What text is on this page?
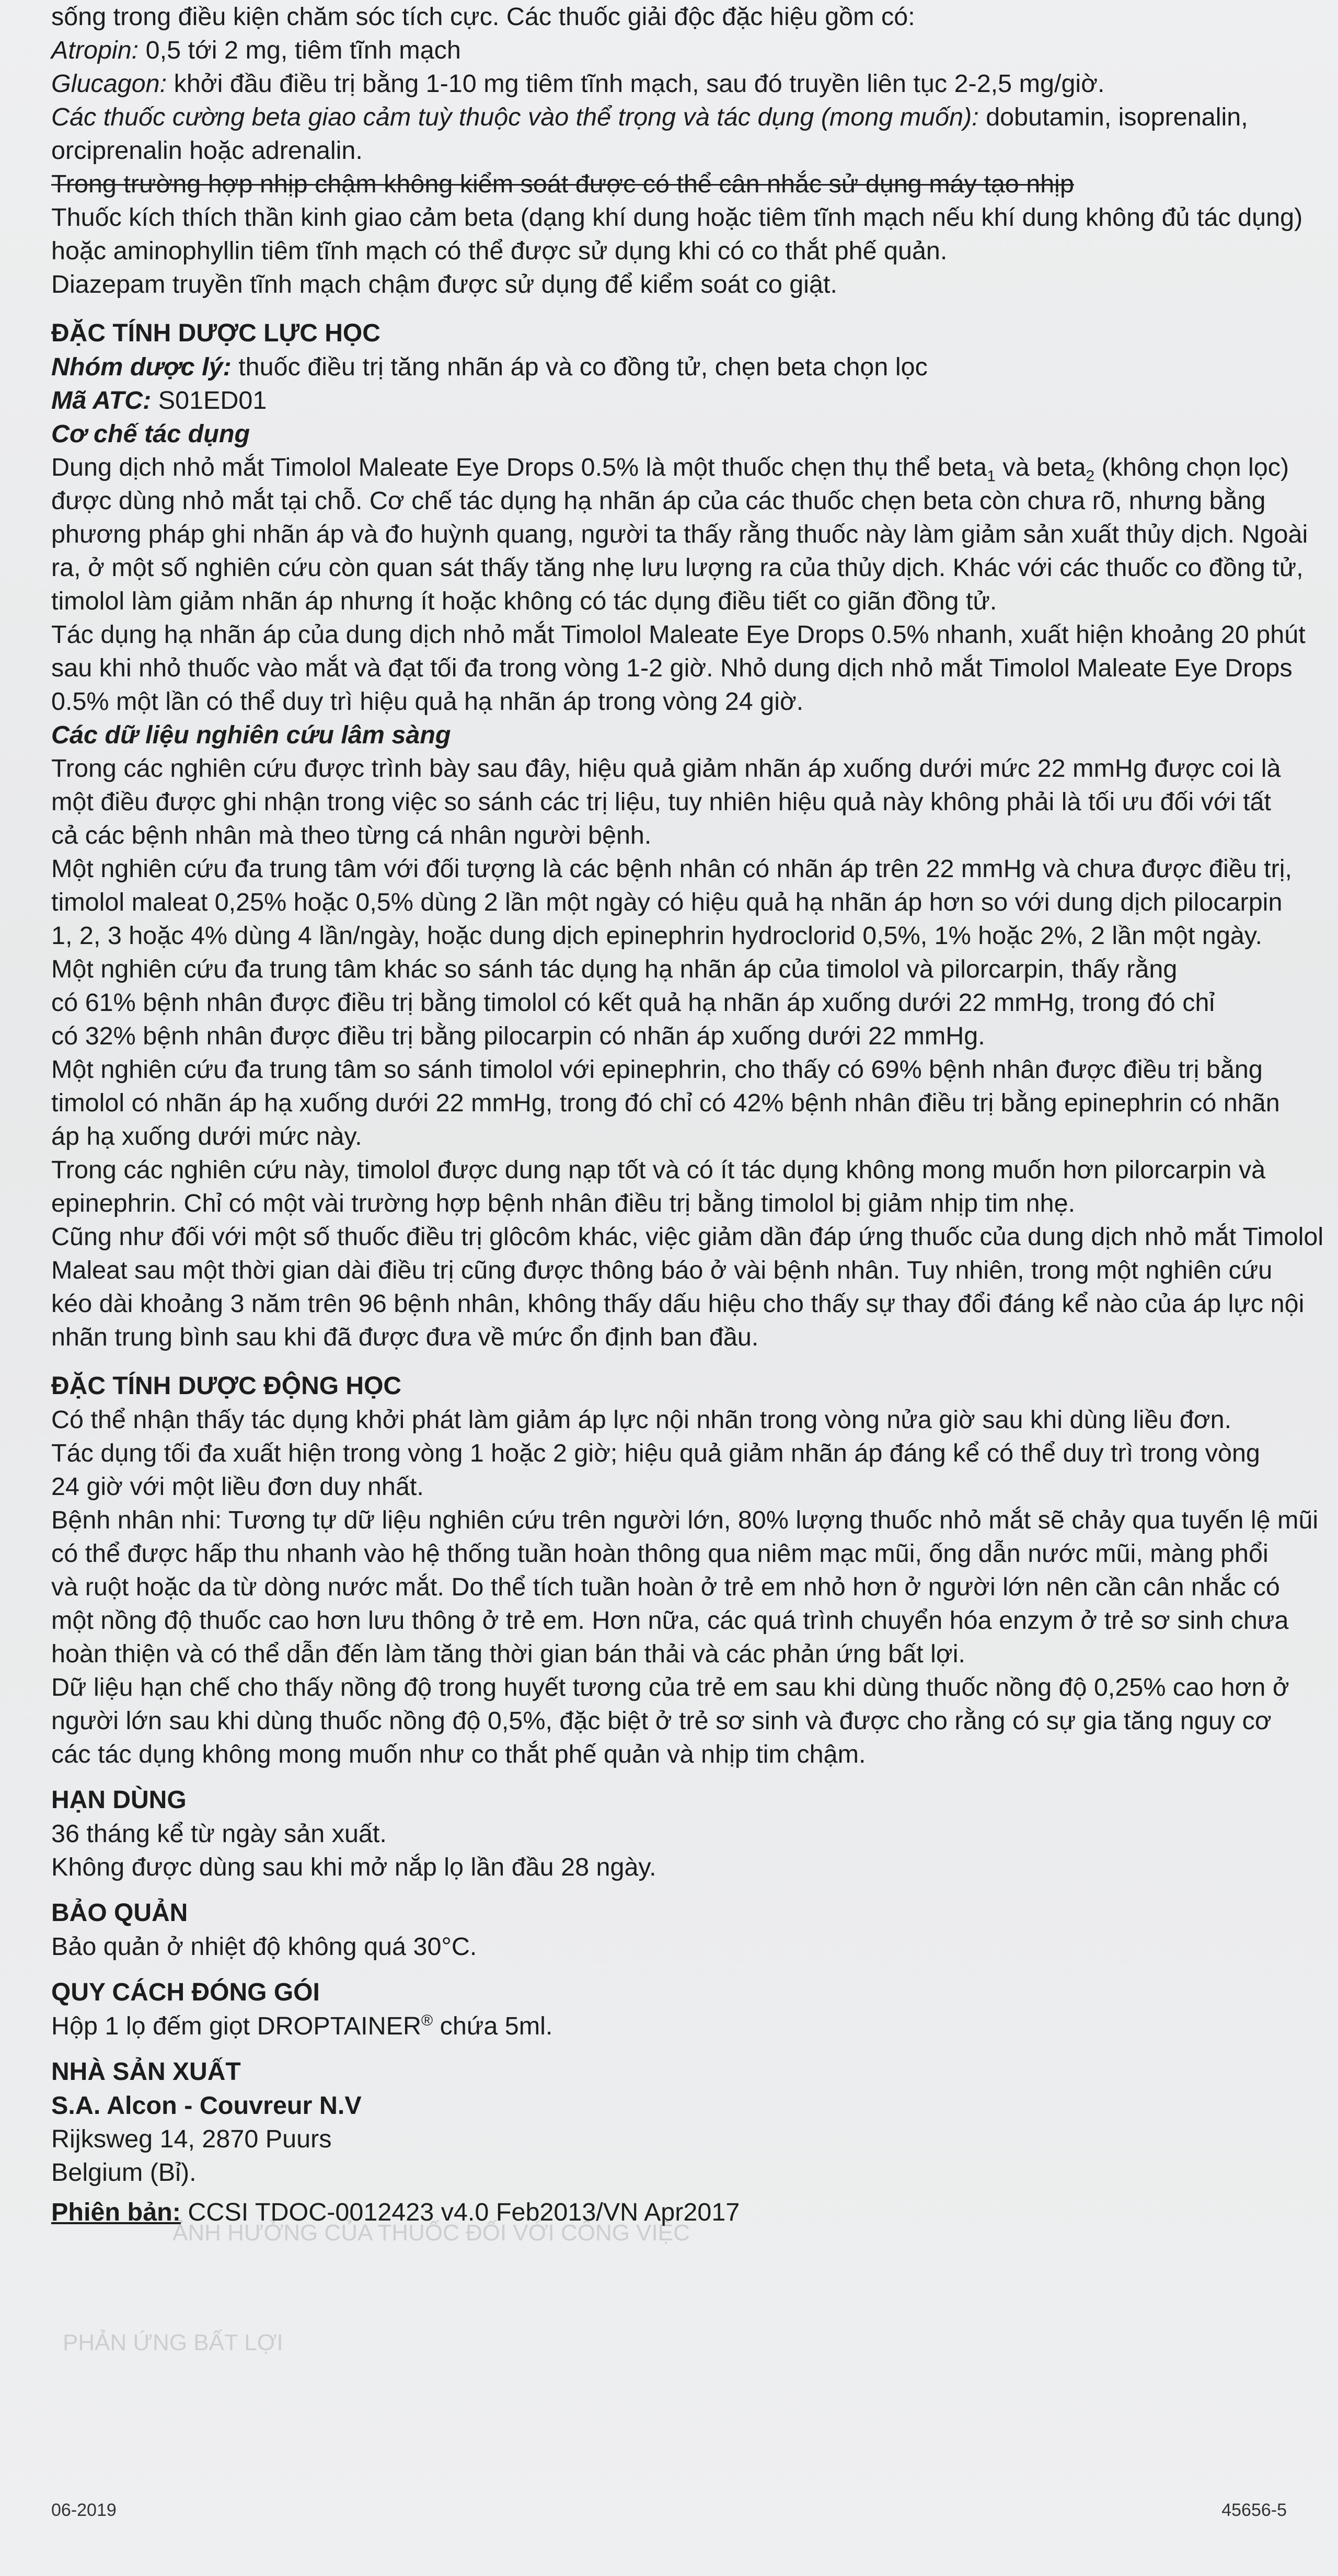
ẢNH HƯỞNG CỦA THUỐC ĐỐI VỚI CÔNG VIỆC
PHẢN ỨNG BẤT LỢI
sống trong điều kiện chăm sóc tích cực. Các thuốc giải độc đặc hiệu gồm có:
Atropin: 0,5 tới 2 mg, tiêm tĩnh mạch
Glucagon: khởi đầu điều trị bằng 1-10 mg tiêm tĩnh mạch, sau đó truyền liên tục 2-2,5 mg/giờ.
Các thuốc cường beta giao cảm tuỳ thuộc vào thể trọng và tác dụng (mong muốn): dobutamin, isoprenalin,
orciprenalin hoặc adrenalin.
Trong trường hợp nhịp chậm không kiểm soát được có thể cân nhắc sử dụng máy tạo nhịp
Thuốc kích thích thần kinh giao cảm beta (dạng khí dung hoặc tiêm tĩnh mạch nếu khí dung không đủ tác dụng)
hoặc aminophyllin tiêm tĩnh mạch có thể được sử dụng khi có co thắt phế quản.
Diazepam truyền tĩnh mạch chậm được sử dụng để kiểm soát co giật.
ĐẶC TÍNH DƯỢC LỰC HỌC
Nhóm dược lý: thuốc điều trị tăng nhãn áp và co đồng tử, chẹn beta chọn lọc
Mã ATC: S01ED01
Cơ chế tác dụng
Dung dịch nhỏ mắt Timolol Maleate Eye Drops 0.5% là một thuốc chẹn thụ thể beta$_1$ và beta$_2$ (không chọn lọc)
được dùng nhỏ mắt tại chỗ. Cơ chế tác dụng hạ nhãn áp của các thuốc chẹn beta còn chưa rõ, nhưng bằng
phương pháp ghi nhãn áp và đo huỳnh quang, người ta thấy rằng thuốc này làm giảm sản xuất thủy dịch. Ngoài
ra, ở một số nghiên cứu còn quan sát thấy tăng nhẹ lưu lượng ra của thủy dịch. Khác với các thuốc co đồng tử,
timolol làm giảm nhãn áp nhưng ít hoặc không có tác dụng điều tiết co giãn đồng tử.
Tác dụng hạ nhãn áp của dung dịch nhỏ mắt Timolol Maleate Eye Drops 0.5% nhanh, xuất hiện khoảng 20 phút
sau khi nhỏ thuốc vào mắt và đạt tối đa trong vòng 1-2 giờ. Nhỏ dung dịch nhỏ mắt Timolol Maleate Eye Drops
0.5% một lần có thể duy trì hiệu quả hạ nhãn áp trong vòng 24 giờ.
Các dữ liệu nghiên cứu lâm sàng
Trong các nghiên cứu được trình bày sau đây, hiệu quả giảm nhãn áp xuống dưới mức 22 mmHg được coi là
một điều được ghi nhận trong việc so sánh các trị liệu, tuy nhiên hiệu quả này không phải là tối ưu đối với tất
cả các bệnh nhân mà theo từng cá nhân người bệnh.
Một nghiên cứu đa trung tâm với đối tượng là các bệnh nhân có nhãn áp trên 22 mmHg và chưa được điều trị,
timolol maleat 0,25% hoặc 0,5% dùng 2 lần một ngày có hiệu quả hạ nhãn áp hơn so với dung dịch pilocarpin
1, 2, 3 hoặc 4% dùng 4 lần/ngày, hoặc dung dịch epinephrin hydroclorid 0,5%, 1% hoặc 2%, 2 lần một ngày.
Một nghiên cứu đa trung tâm khác so sánh tác dụng hạ nhãn áp của timolol và pilorcarpin, thấy rằng
có 61% bệnh nhân được điều trị bằng timolol có kết quả hạ nhãn áp xuống dưới 22 mmHg, trong đó chỉ
có 32% bệnh nhân được điều trị bằng pilocarpin có nhãn áp xuống dưới 22 mmHg.
Một nghiên cứu đa trung tâm so sánh timolol với epinephrin, cho thấy có 69% bệnh nhân được điều trị bằng
timolol có nhãn áp hạ xuống dưới 22 mmHg, trong đó chỉ có 42% bệnh nhân điều trị bằng epinephrin có nhãn
áp hạ xuống dưới mức này.
Trong các nghiên cứu này, timolol được dung nạp tốt và có ít tác dụng không mong muốn hơn pilorcarpin và
epinephrin. Chỉ có một vài trường hợp bệnh nhân điều trị bằng timolol bị giảm nhịp tim nhẹ.
Cũng như đối với một số thuốc điều trị glôcôm khác, việc giảm dần đáp ứng thuốc của dung dịch nhỏ mắt Timolol
Maleat sau một thời gian dài điều trị cũng được thông báo ở vài bệnh nhân. Tuy nhiên, trong một nghiên cứu
kéo dài khoảng 3 năm trên 96 bệnh nhân, không thấy dấu hiệu cho thấy sự thay đổi đáng kể nào của áp lực nội
nhãn trung bình sau khi đã được đưa về mức ổn định ban đầu.
ĐẶC TÍNH DƯỢC ĐỘNG HỌC
Có thể nhận thấy tác dụng khởi phát làm giảm áp lực nội nhãn trong vòng nửa giờ sau khi dùng liều đơn.
Tác dụng tối đa xuất hiện trong vòng 1 hoặc 2 giờ; hiệu quả giảm nhãn áp đáng kể có thể duy trì trong vòng
24 giờ với một liều đơn duy nhất.
Bệnh nhân nhi: Tương tự dữ liệu nghiên cứu trên người lớn, 80% lượng thuốc nhỏ mắt sẽ chảy qua tuyến lệ mũi
có thể được hấp thu nhanh vào hệ thống tuần hoàn thông qua niêm mạc mũi, ống dẫn nước mũi, màng phổi
và ruột hoặc da từ dòng nước mắt. Do thể tích tuần hoàn ở trẻ em nhỏ hơn ở người lớn nên cần cân nhắc có
một nồng độ thuốc cao hơn lưu thông ở trẻ em. Hơn nữa, các quá trình chuyển hóa enzym ở trẻ sơ sinh chưa
hoàn thiện và có thể dẫn đến làm tăng thời gian bán thải và các phản ứng bất lợi.
Dữ liệu hạn chế cho thấy nồng độ trong huyết tương của trẻ em sau khi dùng thuốc nồng độ 0,25% cao hơn ở
người lớn sau khi dùng thuốc nồng độ 0,5%, đặc biệt ở trẻ sơ sinh và được cho rằng có sự gia tăng nguy cơ
các tác dụng không mong muốn như co thắt phế quản và nhịp tim chậm.
HẠN DÙNG
36 tháng kể từ ngày sản xuất.
Không được dùng sau khi mở nắp lọ lần đầu 28 ngày.
BẢO QUẢN
Bảo quản ở nhiệt độ không quá 30°C.
QUY CÁCH ĐÓNG GÓI
Hộp 1 lọ đếm giọt DROPTAINER® chứa 5ml.
NHÀ SẢN XUẤT
S.A. Alcon - Couvreur N.V
Rijksweg 14, 2870 Puurs
Belgium (Bỉ).
Phiên bản: CCSI TDOC-0012423 v4.0 Feb2013/VN Apr2017
06-2019	45656-5
